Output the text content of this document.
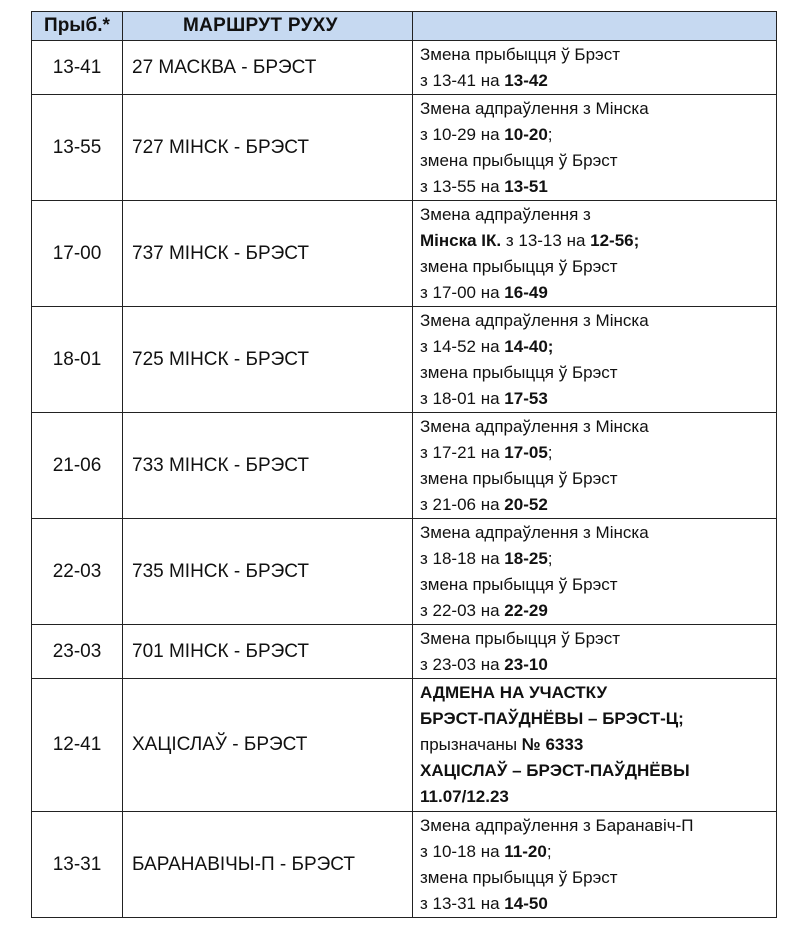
Прыб.*	МАРШРУТ РУХУ	
13-41	27 МАСКВА - БРЭСТ	Змена прыбыцця ў Брэст
з 13-41 на 13-42

13-55	727 МІНСК - БРЭСТ	Змена адпраўлення з Мінска
з 10-29 на 10-20;
змена прыбыцця ў Брэст
з 13-55 на 13-51

17-00	737 МІНСК - БРЭСТ	Змена адпраўлення з
Мінска ІК. з 13-13 на 12-56;
змена прыбыцця ў Брэст
з 17-00 на 16-49

18-01	725 МІНСК - БРЭСТ	Змена адпраўлення з Мінска
з 14-52 на 14-40;
змена прыбыцця ў Брэст
з 18-01 на 17-53

21-06	733 МІНСК - БРЭСТ	Змена адпраўлення з Мінска
з 17-21 на 17-05;
змена прыбыцця ў Брэст
з 21-06 на 20-52

22-03	735 МІНСК - БРЭСТ	Змена адпраўлення з Мінска
з 18-18 на 18-25;
змена прыбыцця ў Брэст
з 22-03 на 22-29

23-03	701 МІНСК - БРЭСТ	Змена прыбыцця ў Брэст
з 23-03 на 23-10

12-41	ХАЦІСЛАЎ - БРЭСТ	АДМЕНА НА УЧАСТКУ
БРЭСТ-ПАЎДНЁВЫ – БРЭСТ-Ц;
прызначаны № 6333
ХАЦІСЛАЎ – БРЭСТ-ПАЎДНЁВЫ
11.07/12.23

13-31	БАРАНАВІЧЫ-П - БРЭСТ	Змена адпраўлення з Баранавіч-П
з 10-18 на 11-20;
змена прыбыцця ў Брэст
з 13-31 на 14-50
